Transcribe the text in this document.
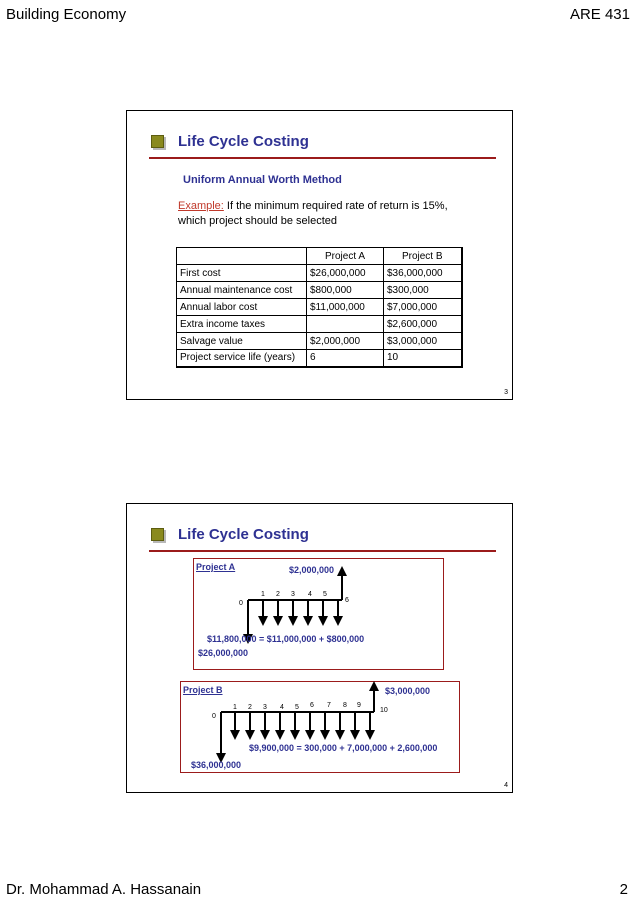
Building Economy	ARE 431
Life Cycle Costing
Uniform Annual Worth Method
Example: If the minimum required rate of return is 15%,
which project should be selected
	Project A	Project B
First cost	$26,000,000	$36,000,000
Annual maintenance cost	$800,000	$300,000
Annual labor cost	$11,000,000	$7,000,000
Extra income taxes		$2,600,000
Salvage value	$2,000,000	$3,000,000
Project service life (years)	6	10
3
Life Cycle Costing
Project A	$2,000,000
0
1 2 3 4 5
6
$11,800,000 = $11,000,000 + $800,000
$26,000,000
Project B	$3,000,000
0
1 2 3 4 5 6 7 8 9
10
$9,900,000 = 300,000 + 7,000,000 + 2,600,000
$36,000,000
4
Dr. Mohammad A. Hassanain	2
